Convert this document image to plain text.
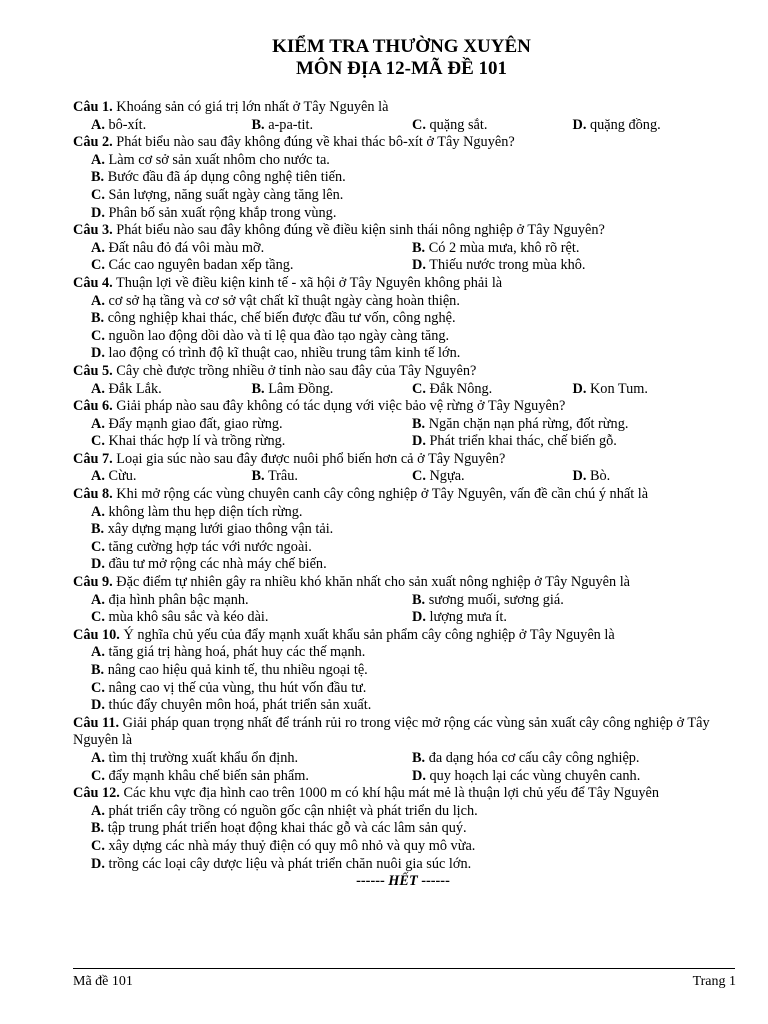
KIỂM TRA THƯỜNG XUYÊN
MÔN ĐỊA 12-MÃ ĐỀ 101
Câu 1. Khoáng sản có giá trị lớn nhất ở Tây Nguyên là
A. bô-xít.	B. a-pa-tit.	C. quặng sắt.	D. quặng đồng.
Câu 2. Phát biểu nào sau đây không đúng về khai thác bô-xít ở Tây Nguyên?
A. Làm cơ sở sản xuất nhôm cho nước ta.
B. Bước đầu đã áp dụng công nghệ tiên tiến.
C. Sản lượng, năng suất ngày càng tăng lên.
D. Phân bố sản xuất rộng khắp trong vùng.
Câu 3. Phát biểu nào sau đây không đúng về điều kiện sinh thái nông nghiệp ở Tây Nguyên?
A. Đất nâu đỏ đá vôi màu mỡ.	B. Có 2 mùa mưa, khô rõ rệt.
C. Các cao nguyên badan xếp tầng.	D. Thiếu nước trong mùa khô.
Câu 4. Thuận lợi về điều kiện kinh tế - xã hội ở Tây Nguyên không phải là
A. cơ sở hạ tầng và cơ sở vật chất kĩ thuật ngày càng hoàn thiện.
B. công nghiệp khai thác, chế biến được đầu tư vốn, công nghệ.
C. nguồn lao động dồi dào và tỉ lệ qua đào tạo ngày càng tăng.
D. lao động có trình độ kĩ thuật cao, nhiều trung tâm kinh tế lớn.
Câu 5. Cây chè được trồng nhiều ở tỉnh nào sau đây của Tây Nguyên?
A. Đắk Lắk.	B. Lâm Đồng.	C. Đắk Nông.	D. Kon Tum.
Câu 6. Giải pháp nào sau đây không có tác dụng với việc bảo vệ rừng ở Tây Nguyên?
A. Đẩy mạnh giao đất, giao rừng.	B. Ngăn chặn nạn phá rừng, đốt rừng.
C. Khai thác hợp lí và trồng rừng.	D. Phát triển khai thác, chế biến gỗ.
Câu 7. Loại gia súc nào sau đây được nuôi phổ biến hơn cả ở Tây Nguyên?
A. Cừu.	B. Trâu.	C. Ngựa.	D. Bò.
Câu 8. Khi mở rộng các vùng chuyên canh cây công nghiệp ở Tây Nguyên, vấn đề cần chú ý nhất là
A. không làm thu hẹp diện tích rừng.
B. xây dựng mạng lưới giao thông vận tải.
C. tăng cường hợp tác với nước ngoài.
D. đầu tư mở rộng các nhà máy chế biến.
Câu 9. Đặc điểm tự nhiên gây ra nhiều khó khăn nhất cho sản xuất nông nghiệp ở Tây Nguyên là
A. địa hình phân bậc mạnh.	B. sương muối, sương giá.
C. mùa khô sâu sắc và kéo dài.	D. lượng mưa ít.
Câu 10. Ý nghĩa chủ yếu của đẩy mạnh xuất khẩu sản phẩm cây công nghiệp ở Tây Nguyên là
A. tăng giá trị hàng hoá, phát huy các thế mạnh.
B. nâng cao hiệu quả kinh tế, thu nhiều ngoại tệ.
C. nâng cao vị thế của vùng, thu hút vốn đầu tư.
D. thúc đẩy chuyên môn hoá, phát triển sản xuất.
Câu 11. Giải pháp quan trọng nhất để tránh rủi ro trong việc mở rộng các vùng sản xuất cây công nghiệp ở Tây Nguyên là
A. tìm thị trường xuất khẩu ổn định.	B. đa dạng hóa cơ cấu cây công nghiệp.
C. đẩy mạnh khâu chế biến sản phẩm.	D. quy hoạch lại các vùng chuyên canh.
Câu 12. Các khu vực địa hình cao trên 1000 m có khí hậu mát mẻ là thuận lợi chủ yếu để Tây Nguyên
A. phát triển cây trồng có nguồn gốc cận nhiệt và phát triển du lịch.
B. tập trung phát triển hoạt động khai thác gỗ và các lâm sản quý.
C. xây dựng các nhà máy thuỷ điện có quy mô nhỏ và quy mô vừa.
D. trồng các loại cây dược liệu và phát triển chăn nuôi gia súc lớn.
------ HẾT ------
Mã đề 101	Trang 1
